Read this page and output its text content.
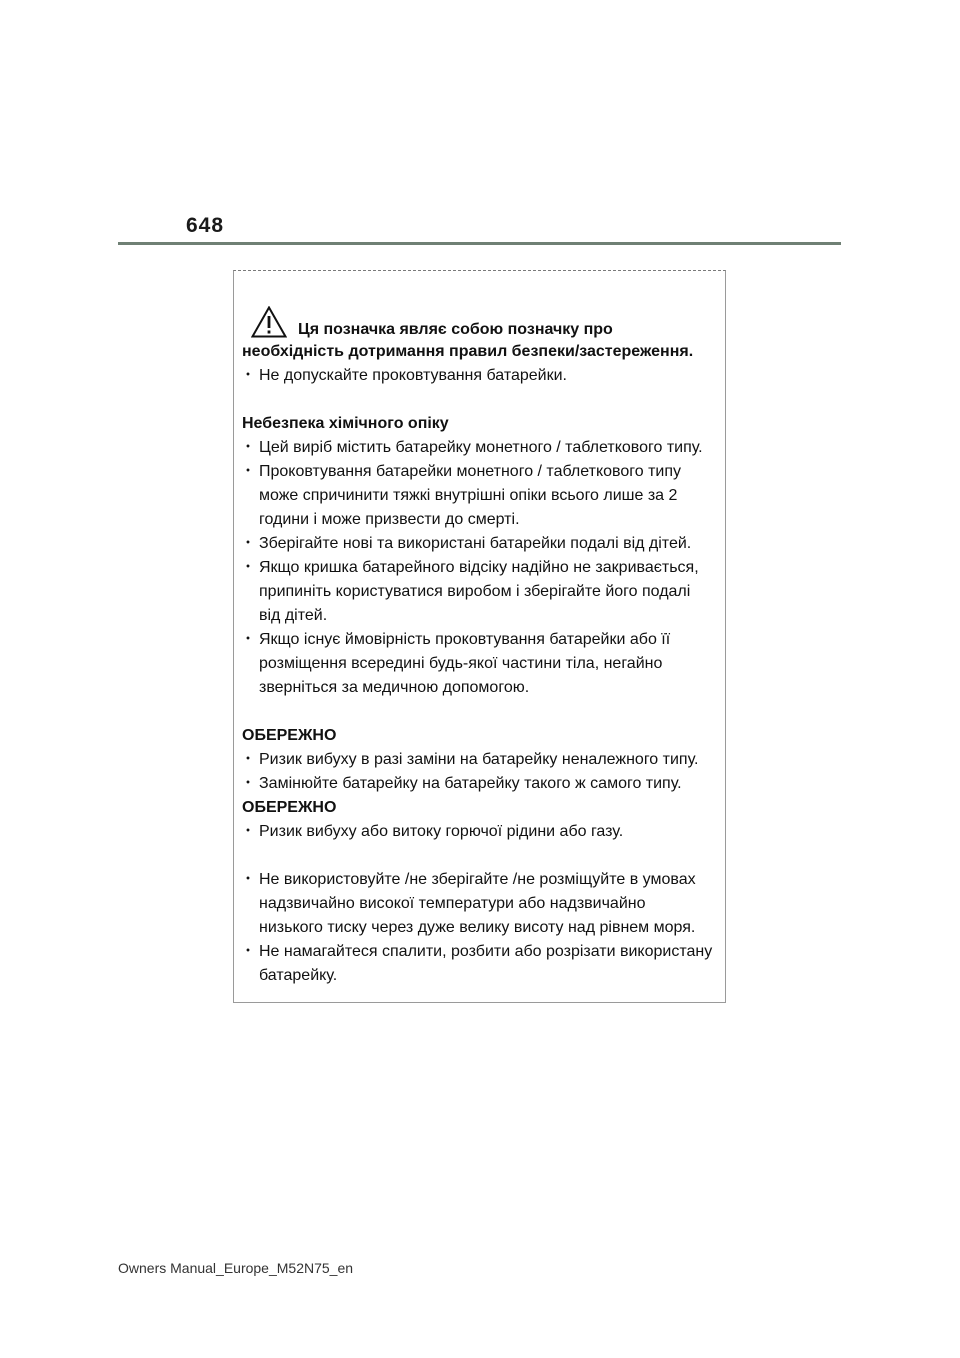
648
Ця позначка являє собою позначку про
необхідність дотримання правил безпеки/застереження.
･ Не допускайте проковтування батарейки.
Небезпека хімічного опіку
･ Цей виріб містить батарейку монетного / таблеткового типу.
･ Проковтування батарейки монетного / таблеткового типу
може спричинити тяжкі внутрішні опіки всього лише за 2
години і може призвести до смерті.
･ Зберігайте нові та використані батарейки подалі від дітей.
･ Якщо кришка батарейного відсіку надійно не закривається,
припиніть користуватися виробом і зберігайте його подалі
від дітей.
･ Якщо існує ймовірність проковтування батарейки або її
розміщення всередині будь-якої частини тіла, негайно
зверніться за медичною допомогою.
ОБЕРЕЖНО
･ Ризик вибуху в разі заміни на батарейку неналежного типу.
･ Замінюйте батарейку на батарейку такого ж самого типу.
ОБЕРЕЖНО
･ Ризик вибуху або витоку горючої рідини або газу.
･ Не використовуйте /не зберігайте /не розміщуйте в умовах
надзвичайно високої температури або надзвичайно
низького тиску через дуже велику висоту над рівнем моря.
･ Не намагайтеся спалити, розбити або розрізати використану
батарейку.
Owners Manual_Europe_M52N75_en
